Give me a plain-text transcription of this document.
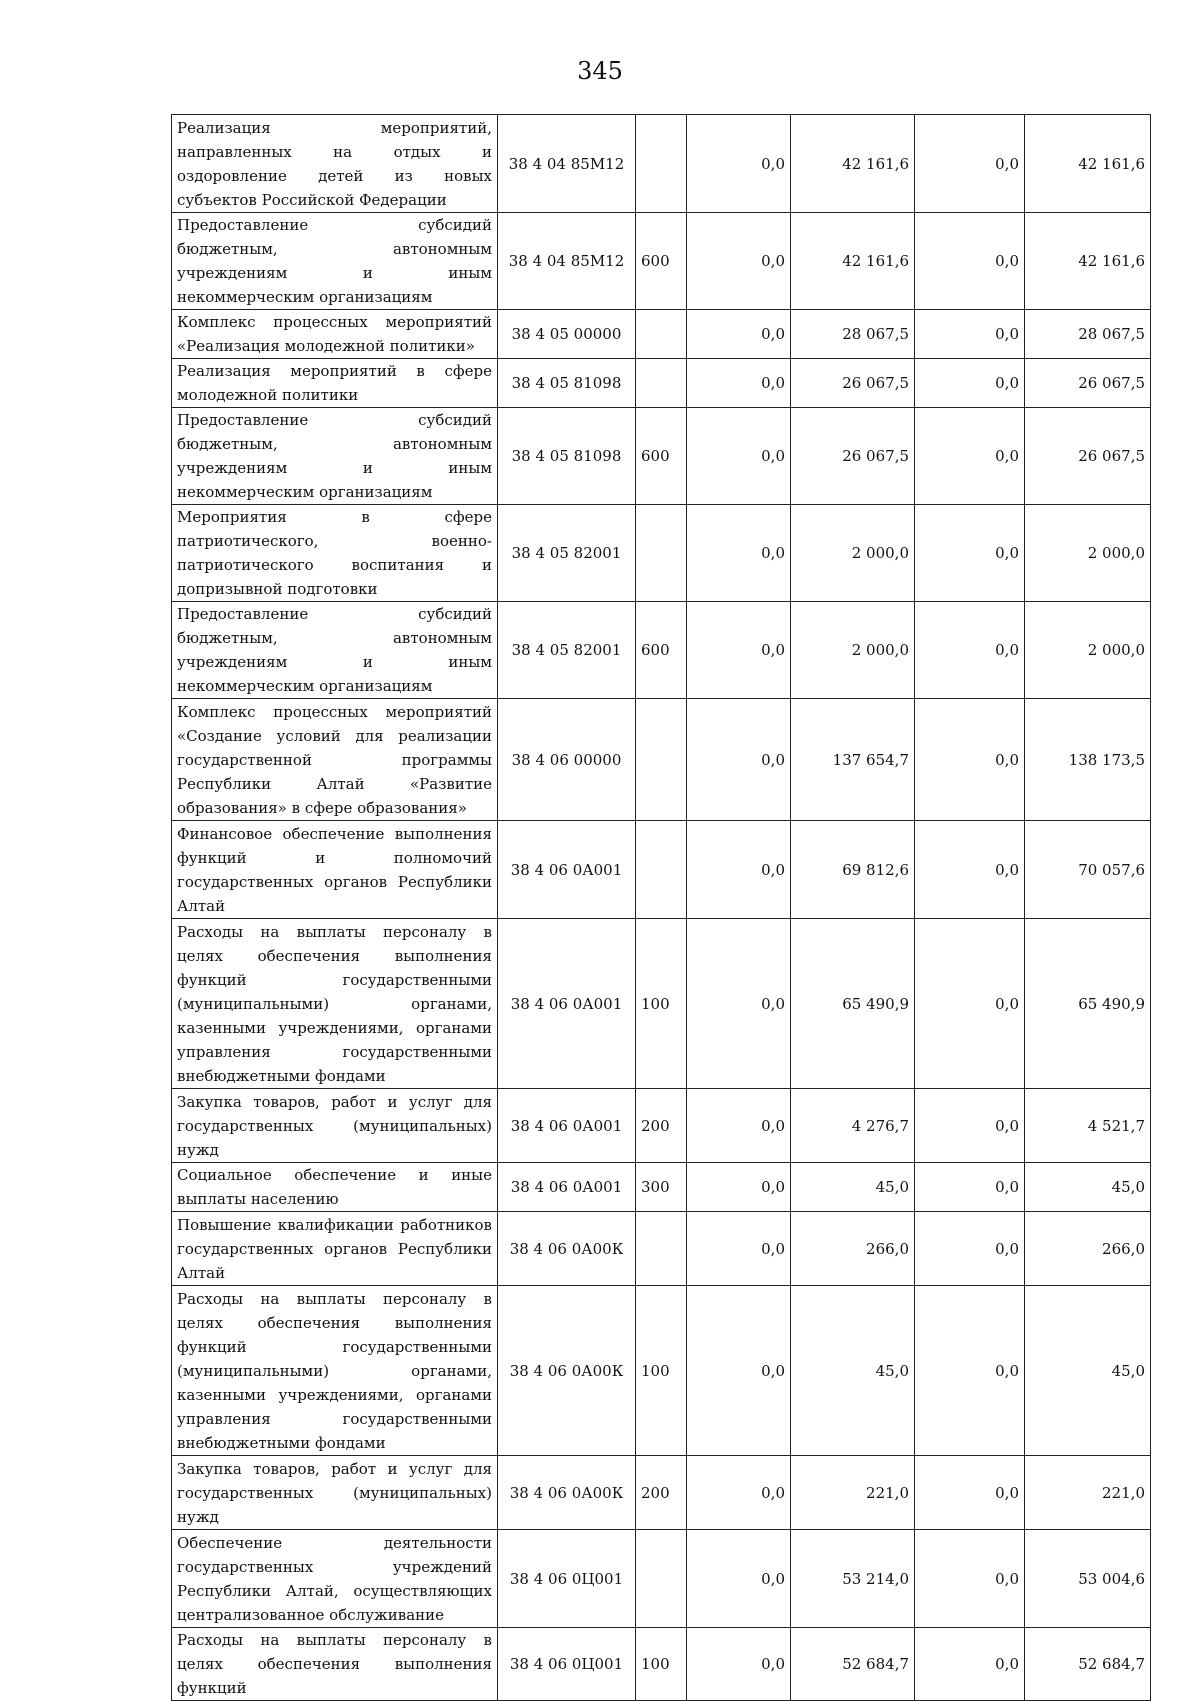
345
Реализация мероприятий, направленных на отдых и оздоровление детей из новых субъектов Российской Федерации	38 4 04 85М12		0,0	42 161,6	0,0	42 161,6
Предоставление субсидий бюджетным, автономным учреждениям и иным некоммерческим организациям	38 4 04 85М12	600	0,0	42 161,6	0,0	42 161,6
Комплекс процессных мероприятий «Реализация молодежной политики»	38 4 05 00000		0,0	28 067,5	0,0	28 067,5
Реализация мероприятий в сфере молодежной политики	38 4 05 81098		0,0	26 067,5	0,0	26 067,5
Предоставление субсидий бюджетным, автономным учреждениям и иным некоммерческим организациям	38 4 05 81098	600	0,0	26 067,5	0,0	26 067,5
Мероприятия в сфере патриотического, военно-патриотического воспитания и допризывной подготовки	38 4 05 82001		0,0	2 000,0	0,0	2 000,0
Предоставление субсидий бюджетным, автономным учреждениям и иным некоммерческим организациям	38 4 05 82001	600	0,0	2 000,0	0,0	2 000,0
Комплекс процессных мероприятий «Создание условий для реализации государственной программы Республики Алтай «Развитие образования» в сфере образования»	38 4 06 00000		0,0	137 654,7	0,0	138 173,5
Финансовое обеспечение выполнения функций и полномочий государственных органов Республики Алтай	38 4 06 0А001		0,0	69 812,6	0,0	70 057,6
Расходы на выплаты персоналу в целях обеспечения выполнения функций государственными (муниципальными) органами, казенными учреждениями, органами управления государственными внебюджетными фондами	38 4 06 0А001	100	0,0	65 490,9	0,0	65 490,9
Закупка товаров, работ и услуг для государственных (муниципальных) нужд	38 4 06 0А001	200	0,0	4 276,7	0,0	4 521,7
Социальное обеспечение и иные выплаты населению	38 4 06 0А001	300	0,0	45,0	0,0	45,0
Повышение квалификации работников государственных органов Республики Алтай	38 4 06 0А00К		0,0	266,0	0,0	266,0
Расходы на выплаты персоналу в целях обеспечения выполнения функций государственными (муниципальными) органами, казенными учреждениями, органами управления государственными внебюджетными фондами	38 4 06 0А00К	100	0,0	45,0	0,0	45,0
Закупка товаров, работ и услуг для государственных (муниципальных) нужд	38 4 06 0А00К	200	0,0	221,0	0,0	221,0
Обеспечение деятельности государственных учреждений Республики Алтай, осуществляющих централизованное обслуживание	38 4 06 0Ц001		0,0	53 214,0	0,0	53 004,6
Расходы на выплаты персоналу в целях обеспечения выполнения функций	38 4 06 0Ц001	100	0,0	52 684,7	0,0	52 684,7
